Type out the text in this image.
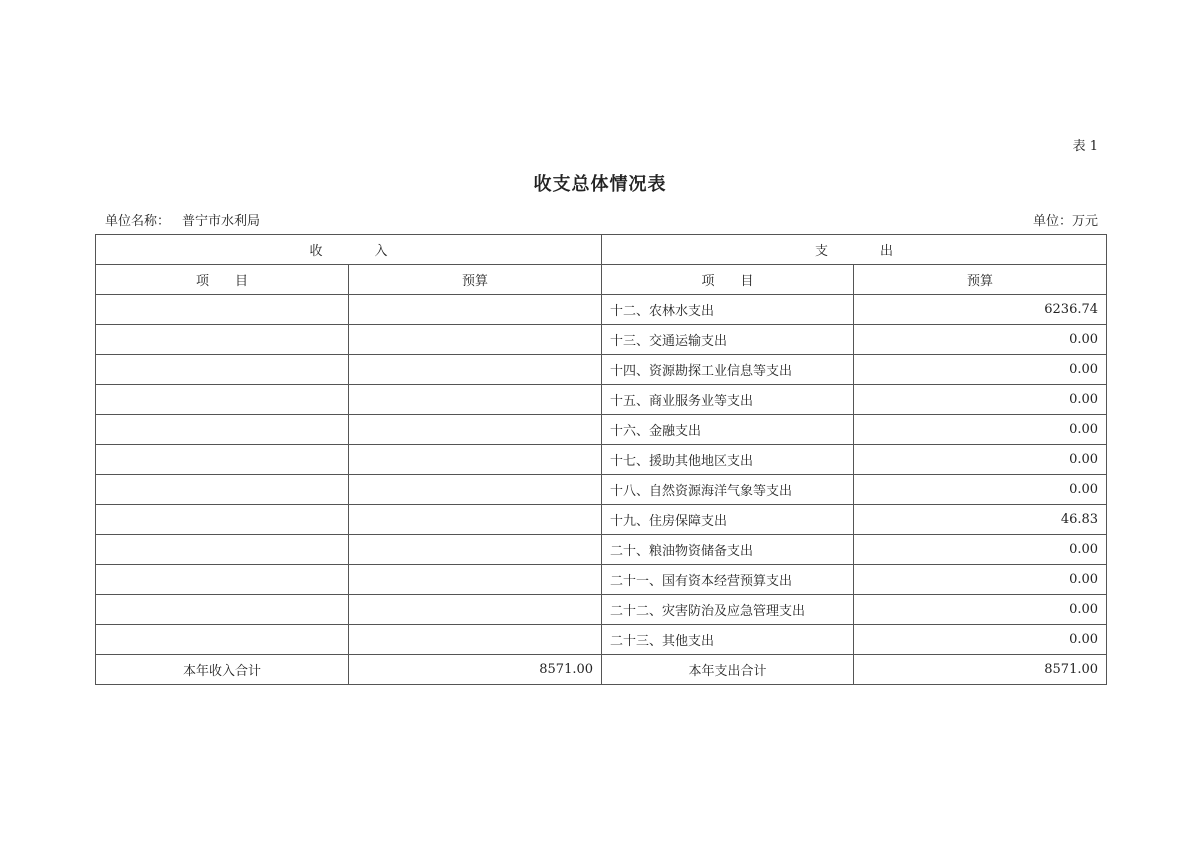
表 1
收支总体情况表
单位名称： 普宁市水利局	单位：万元
收　　　　入		支　　　　出	
项　　目	预算	项　　目	预算
		十二、农林水支出	6236.74
		十三、交通运输支出	0.00
		十四、资源勘探工业信息等支出	0.00
		十五、商业服务业等支出	0.00
		十六、金融支出	0.00
		十七、援助其他地区支出	0.00
		十八、自然资源海洋气象等支出	0.00
		十九、住房保障支出	46.83
		二十、粮油物资储备支出	0.00
		二十一、国有资本经营预算支出	0.00
		二十二、灾害防治及应急管理支出	0.00
		二十三、其他支出	0.00
本年收入合计	8571.00	本年支出合计	8571.00
